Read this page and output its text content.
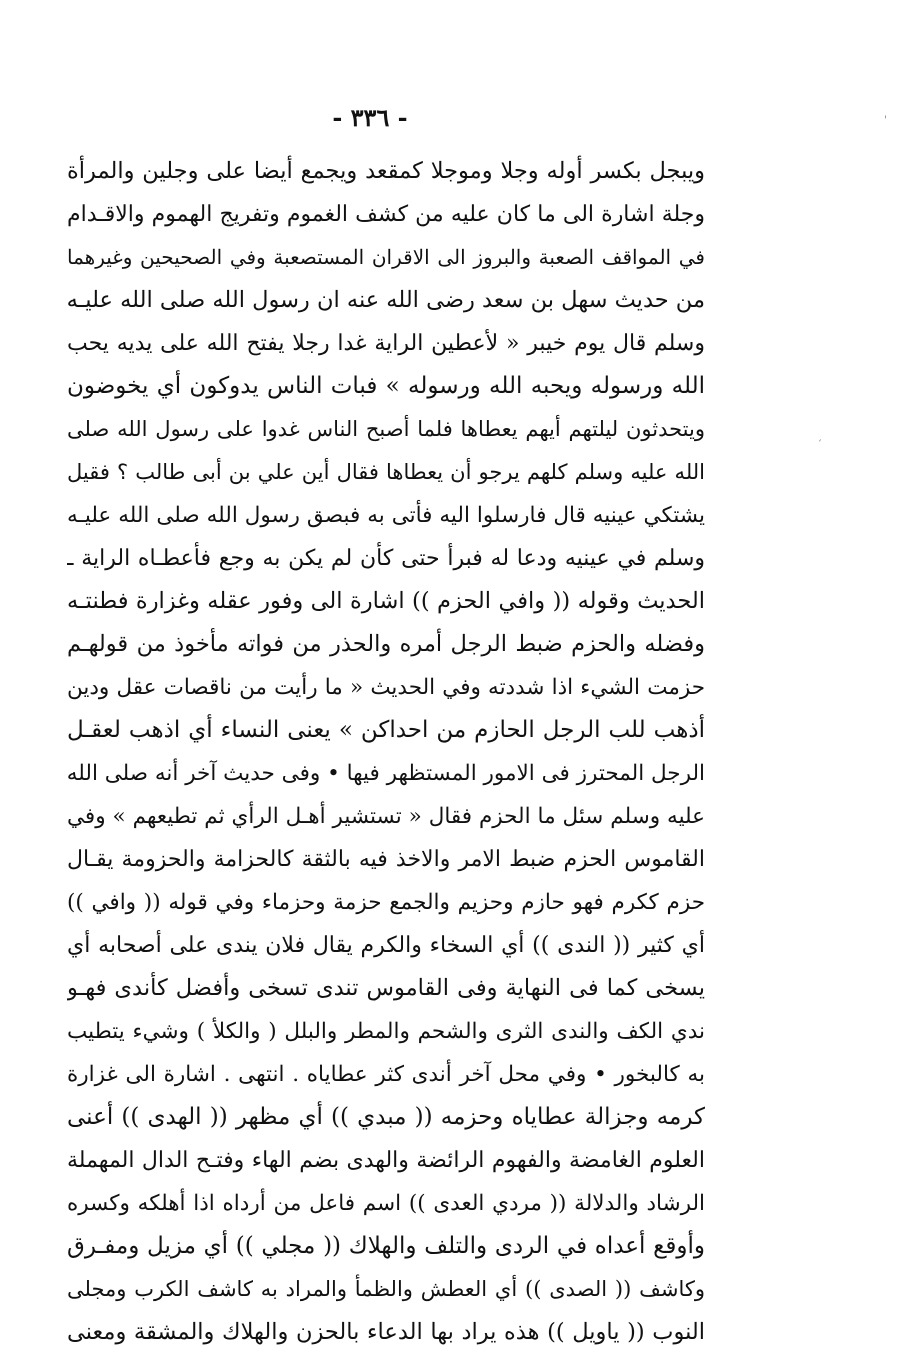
'
´
- ٣٣٦ -
ويبجل بكسر أوله وجلا وموجلا كمقعد ويجمع أيضا على وجلين والمرأة
وجلة اشارة الى ما كان عليه من كشف الغموم وتفريج الهموم والاقـدام
في المواقف الصعبة والبروز الى الاقران المستصعبة وفي الصحيحين وغيرهما
من حديث سهل بن سعد رضى الله عنه ان رسول الله صلى الله عليـه
وسلم قال يوم خيبر « لأعطين الراية غدا رجلا يفتح الله على يديه يحب
الله ورسوله ويحبه الله ورسوله » فبات الناس يدوكون أي يخوضون
ويتحدثون ليلتهم أيهم يعطاها فلما أصبح الناس غدوا على رسول الله صلى
الله عليه وسلم كلهم يرجو أن يعطاها فقال أين علي بن أبى طالب ؟ فقيل
يشتكي عينيه قال فارسلوا اليه فأتى به فبصق رسول الله صلى الله عليـه
وسلم في عينيه ودعا له فبرأ حتى كأن لم يكن به وجع فأعطـاه الراية ـ
الحديث وقوله (( وافي الحزم )) اشارة الى وفور عقله وغزارة فطنتـه
وفضله والحزم ضبط الرجل أمره والحذر من فواته مأخوذ من قولهـم
حزمت الشيء اذا شددته وفي الحديث « ما رأيت من ناقصات عقل ودين
أذهب للب الرجل الحازم من احداكن » يعنى النساء أي اذهب لعقـل
الرجل المحترز فى الامور المستظهر فيها • وفى حديث آخر أنه صلى الله
عليه وسلم سئل ما الحزم فقال « تستشير أهـل الرأي ثم تطيعهم » وفي
القاموس الحزم ضبط الامر والاخذ فيه بالثقة كالحزامة والحزومة يقـال
حزم ككرم فهو حازم وحزيم والجمع حزمة وحزماء وفي قوله (( وافي ))
أي كثير (( الندى )) أي السخاء والكرم يقال فلان يندى على أصحابه أي
يسخى كما فى النهاية وفى القاموس تندى تسخى وأفضل كأندى فهـو
ندي الكف والندى الثرى والشحم والمطر والبلل ( والكلأ ) وشيء يتطيب
به كالبخور • وفي محل آخر أندى كثر عطاياه . انتهى . اشارة الى غزارة
كرمه وجزالة عطاياه وحزمه (( مبدي )) أي مظهر (( الهدى )) أعنى
العلوم الغامضة والفهوم الرائضة والهدى بضم الهاء وفتـح الدال المهملة
الرشاد والدلالة (( مردي العدى )) اسم فاعل من أرداه اذا أهلكه وكسره
وأوقع أعداه في الردى والتلف والهلاك (( مجلي )) أي مزيل ومفـرق
وكاشف (( الصدى )) أي العطش والظمأ والمراد به كاشف الكرب ومجلى
النوب (( ياويل )) هذه يراد بها الدعاء بالحزن والهلاك والمشقة ومعنى
